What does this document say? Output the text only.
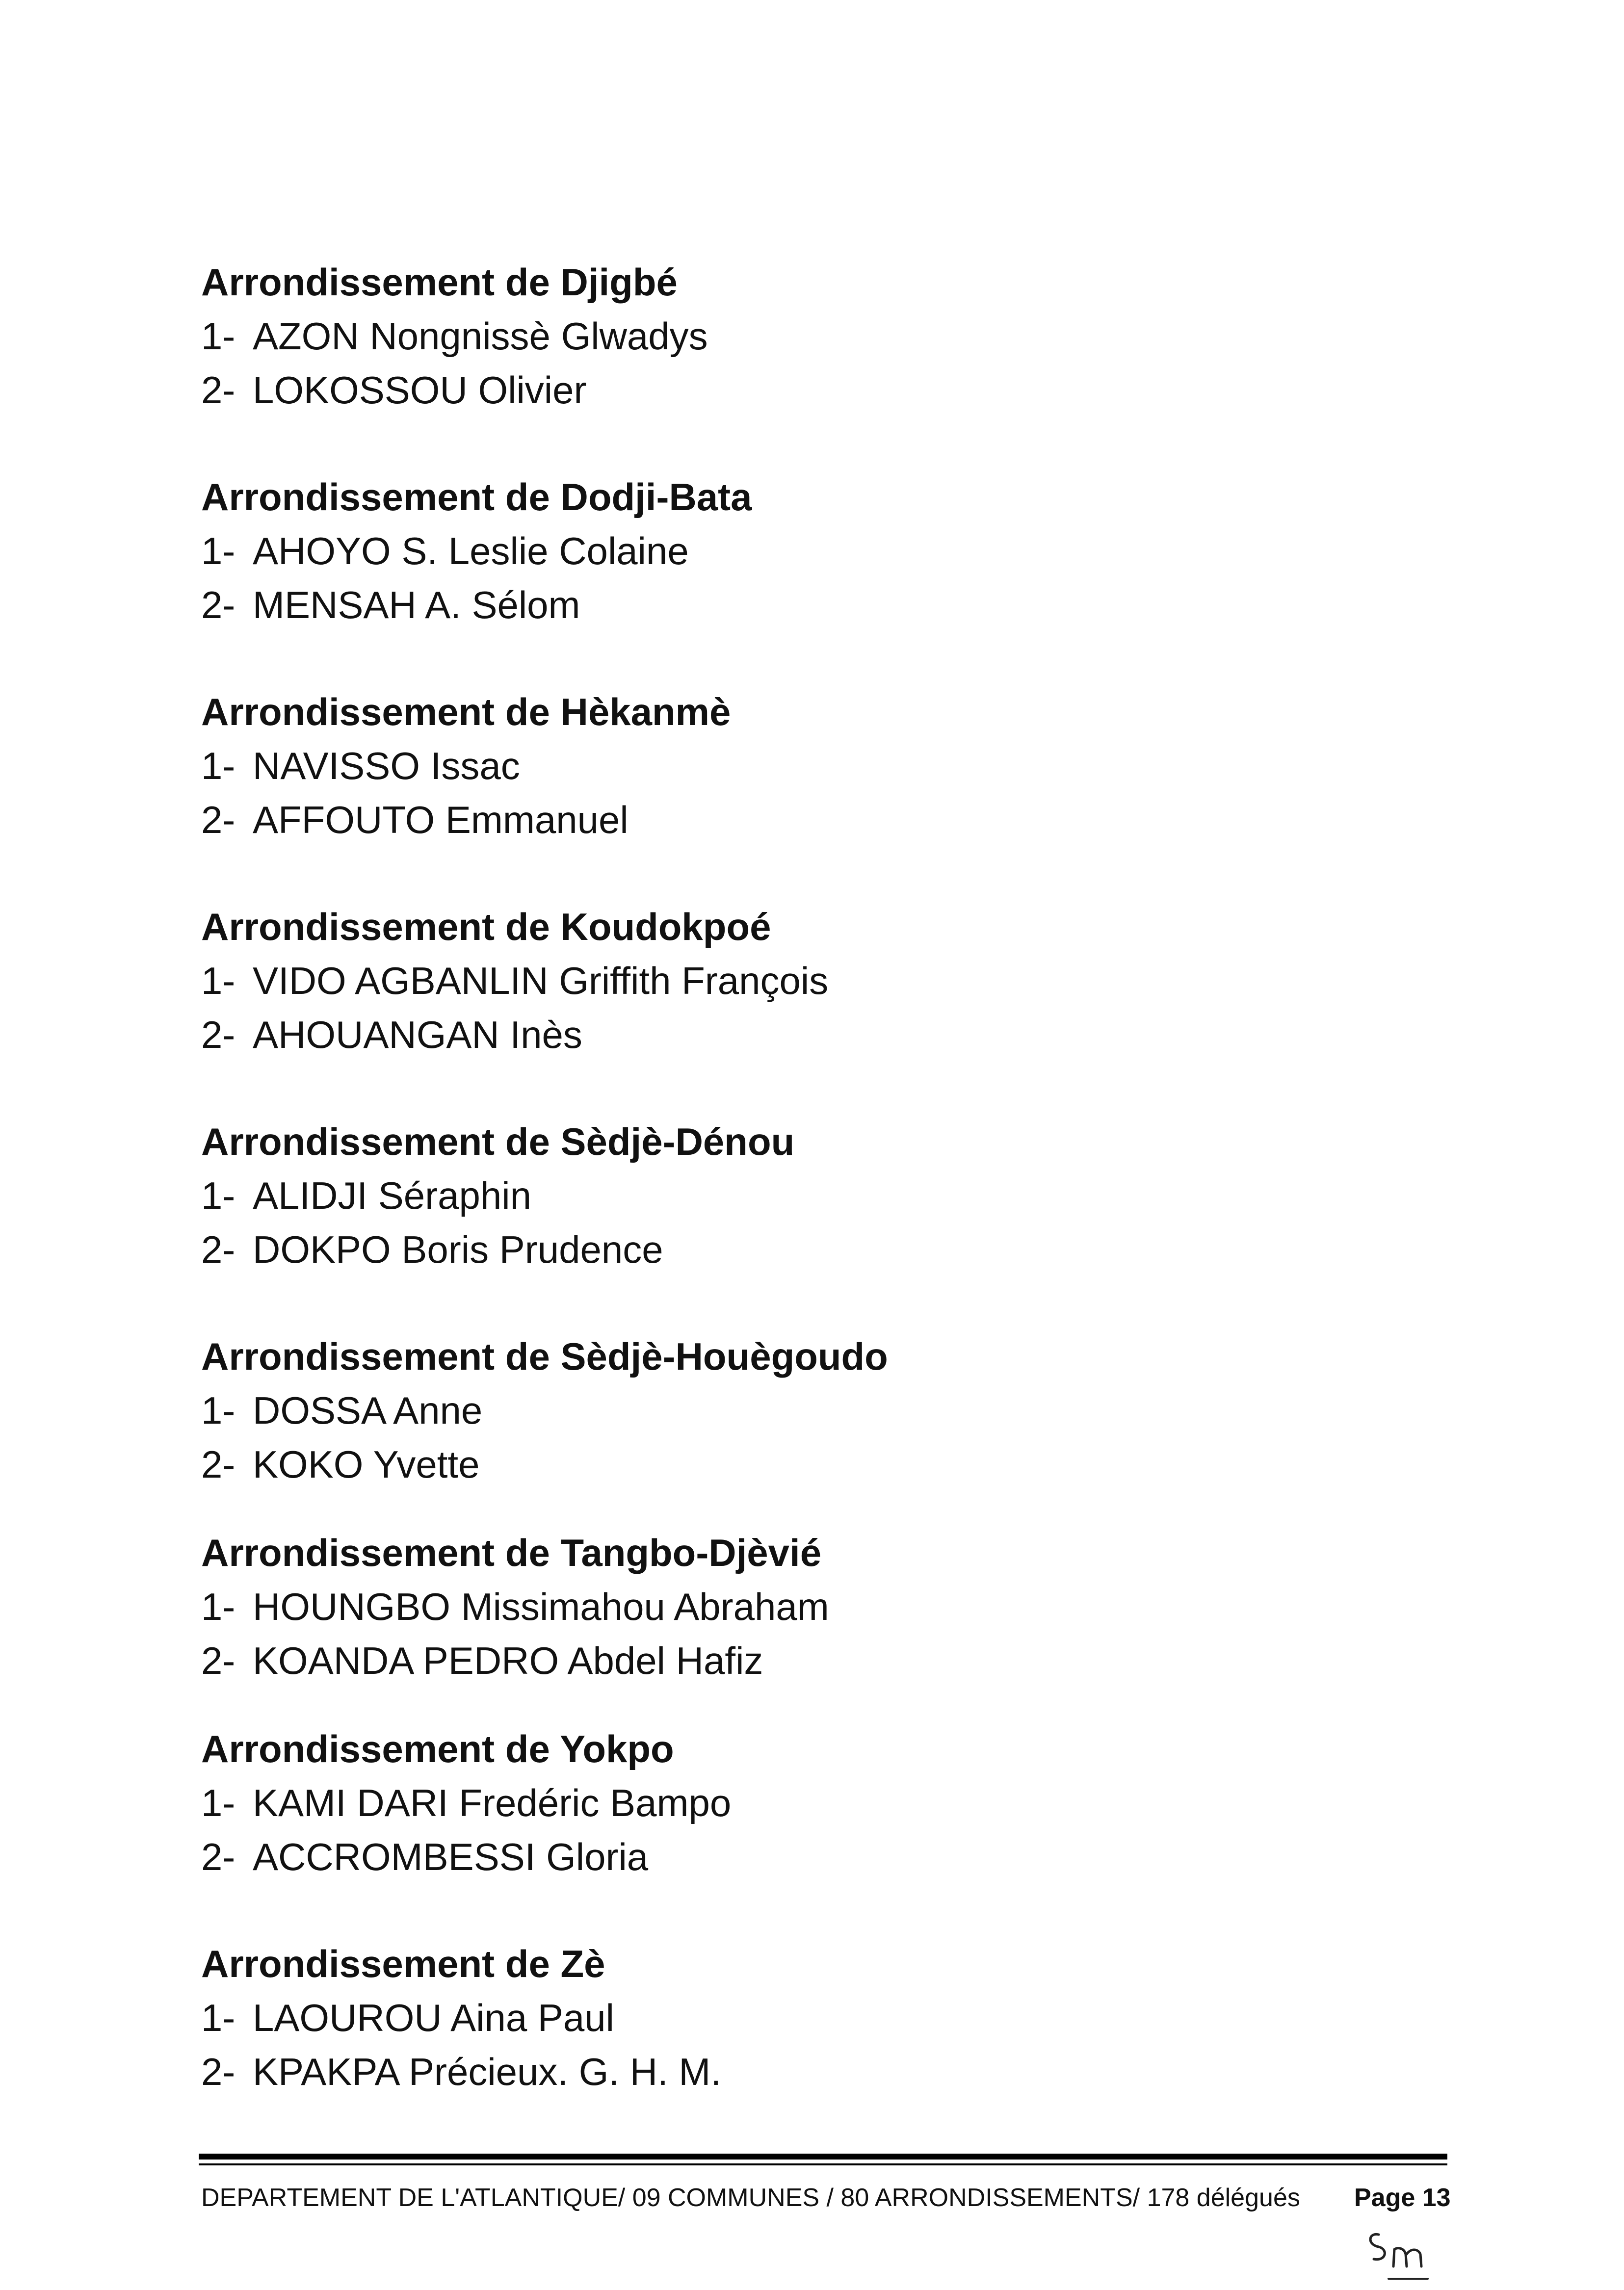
Arrondissement de Djigbé

1- AZON Nongnissè Glwadys

2- LOKOSSOU Olivier

Arrondissement de Dodji-Bata

1- AHOYO S. Leslie Colaine

2- MENSAH A. Sélom

Arrondissement de Hèkanmè

1- NAVISSO Issac

2- AFFOUTO Emmanuel

Arrondissement de Koudokpoé

1- VIDO AGBANLIN Griffith François

2- AHOUANGAN Inès

Arrondissement de Sèdjè-Dénou

1- ALIDJI Séraphin

2- DOKPO Boris Prudence

Arrondissement de Sèdjè-Houègoudo

1- DOSSA Anne

2- KOKO Yvette

Arrondissement de Tangbo-Djèvié

1- HOUNGBO Missimahou Abraham

2- KOANDA PEDRO Abdel Hafiz

Arrondissement de Yokpo

1- KAMI DARI Fredéric Bampo

2- ACCROMBESSI Gloria

Arrondissement de Zè

1- LAOUROU Aina Paul

2- KPAKPA Précieux. G. H. M.

DEPARTEMENT DE L'ATLANTIQUE/ 09 COMMUNES / 80 ARRONDISSEMENTS/ 178 délégués Page 13
